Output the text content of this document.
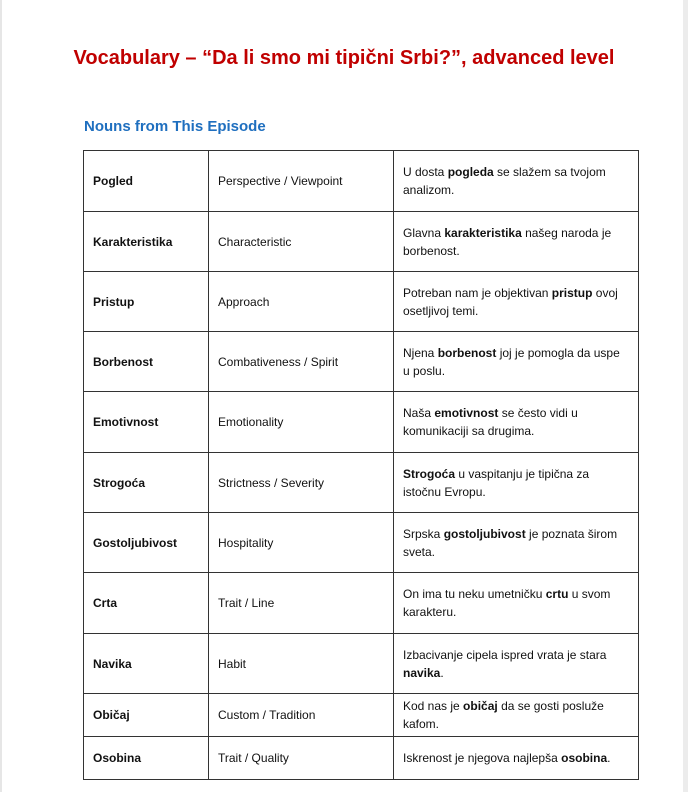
Vocabulary – “Da li smo mi tipični Srbi?”, advanced level
Nouns from This Episode
Pogled	Perspective / Viewpoint	U dosta pogleda se slažem sa tvojom analizom.
Karakteristika	Characteristic	Glavna karakteristika našeg naroda je borbenost.
Pristup	Approach	Potreban nam je objektivan pristup ovoj osetljivoj temi.
Borbenost	Combativeness / Spirit	Njena borbenost joj je pomogla da uspe u poslu.
Emotivnost	Emotionality	Naša emotivnost se često vidi u komunikaciji sa drugima.
Strogoća	Strictness / Severity	Strogoća u vaspitanju je tipična za istočnu Evropu.
Gostoljubivost	Hospitality	Srpska gostoljubivost je poznata širom sveta.
Crta	Trait / Line	On ima tu neku umetničku crtu u svom karakteru.
Navika	Habit	Izbacivanje cipela ispred vrata je stara navika.
Običaj	Custom / Tradition	Kod nas je običaj da se gosti posluže kafom.
Osobina	Trait / Quality	Iskrenost je njegova najlepša osobina.
